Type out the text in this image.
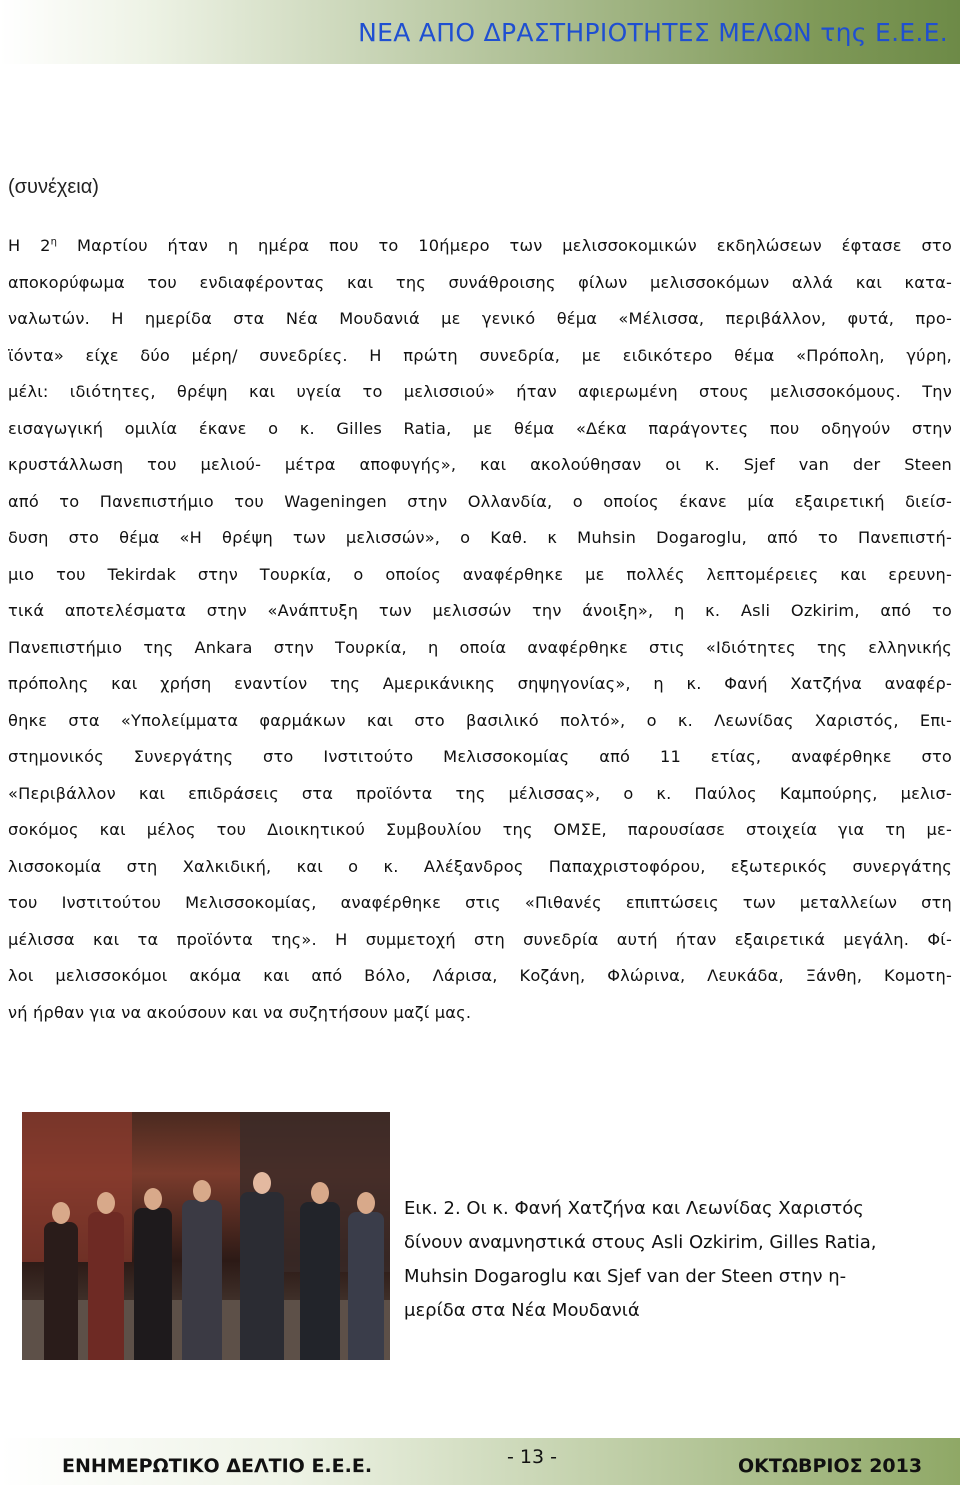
ΝΕΑ ΑΠΟ ΔΡΑΣΤΗΡΙΟΤΗΤΕΣ ΜΕΛΩΝ της Ε.Ε.Ε.
(συνέχεια)
Η $2^\eta$ Μαρτίου ήταν η ημέρα που το 10ήμερο των μελισσοκομικών εκδηλώσεων έφτασε στο
αποκορύφωμα του ενδιαφέροντας και της συνάθροισης φίλων μελισσοκόμων αλλά και κατα-
ναλωτών. Η ημερίδα στα Νέα Μουδανιά με γενικό θέμα «Μέλισσα, περιβάλλον, φυτά, προ-
ϊόντα» είχε δύο μέρη/ συνεδρίες. Η πρώτη συνεδρία, με ειδικότερο θέμα «Πρόπολη, γύρη,
μέλι: ιδιότητες, θρέψη και υγεία το μελισσιού» ήταν αφιερωμένη στους μελισσοκόμους. Την
εισαγωγική ομιλία έκανε ο κ. Gilles Ratia, με θέμα «Δέκα παράγοντες που οδηγούν στην
κρυστάλλωση του μελιού- μέτρα αποφυγής», και ακολούθησαν οι κ. Sjef van der Steen
από το Πανεπιστήμιο του Wageningen στην Ολλανδία, ο οποίος έκανε μία εξαιρετική διείσ-
δυση στο θέμα «Η θρέψη των μελισσών», ο Καθ. κ Muhsin Dogaroglu, από το Πανεπιστή-
μιο του Tekirdak στην Τουρκία, ο οποίος αναφέρθηκε με πολλές λεπτομέρειες και ερευνη-
τικά αποτελέσματα στην «Ανάπτυξη των μελισσών την άνοιξη», η κ. Asli Ozkirim, από το
Πανεπιστήμιο της Ankara στην Τουρκία, η οποία αναφέρθηκε στις «Ιδιότητες της ελληνικής
πρόπολης και χρήση εναντίον της Αμερικάνικης σηψηγονίας», η κ. Φανή Χατζήνα αναφέρ-
θηκε στα «Υπολείμματα φαρμάκων και στο βασιλικό πολτό», ο κ. Λεωνίδας Χαριστός, Επι-
στημονικός Συνεργάτης στο Ινστιτούτο Μελισσοκομίας από 11 ετίας, αναφέρθηκε στο
«Περιβάλλον και επιδράσεις στα προϊόντα της μέλισσας», ο κ. Παύλος Καμπούρης, μελισ-
σοκόμος και μέλος του Διοικητικού Συμβουλίου της ΟΜΣΕ, παρουσίασε στοιχεία για τη με-
λισσοκομία στη Χαλκιδική, και ο κ. Αλέξανδρος Παπαχριστοφόρου, εξωτερικός συνεργάτης
του Ινστιτούτου Μελισσοκομίας, αναφέρθηκε στις «Πιθανές επιπτώσεις των μεταλλείων στη
μέλισσα και τα προϊόντα της». Η συμμετοχή στη συνεδρία αυτή ήταν εξαιρετικά μεγάλη. Φί-
λοι μελισσοκόμοι ακόμα και από Βόλο, Λάρισα, Κοζάνη, Φλώρινα, Λευκάδα, Ξάνθη, Κομοτη-
νή ήρθαν για να ακούσουν και να συζητήσουν μαζί μας.
Εικ. 2. Οι κ. Φανή Χατζήνα και Λεωνίδας Χαριστός
δίνουν αναμνηστικά στους Asli Ozkirim, Gilles Ratia,
Muhsin Dogaroglu και Sjef van der Steen στην η-
μερίδα στα Νέα Μουδανιά
ΕΝΗΜΕΡΩΤΙΚΟ ΔΕΛΤΙΟ Ε.Ε.Ε.	- 13 -	ΟΚΤΩΒΡΙΟΣ 2013
